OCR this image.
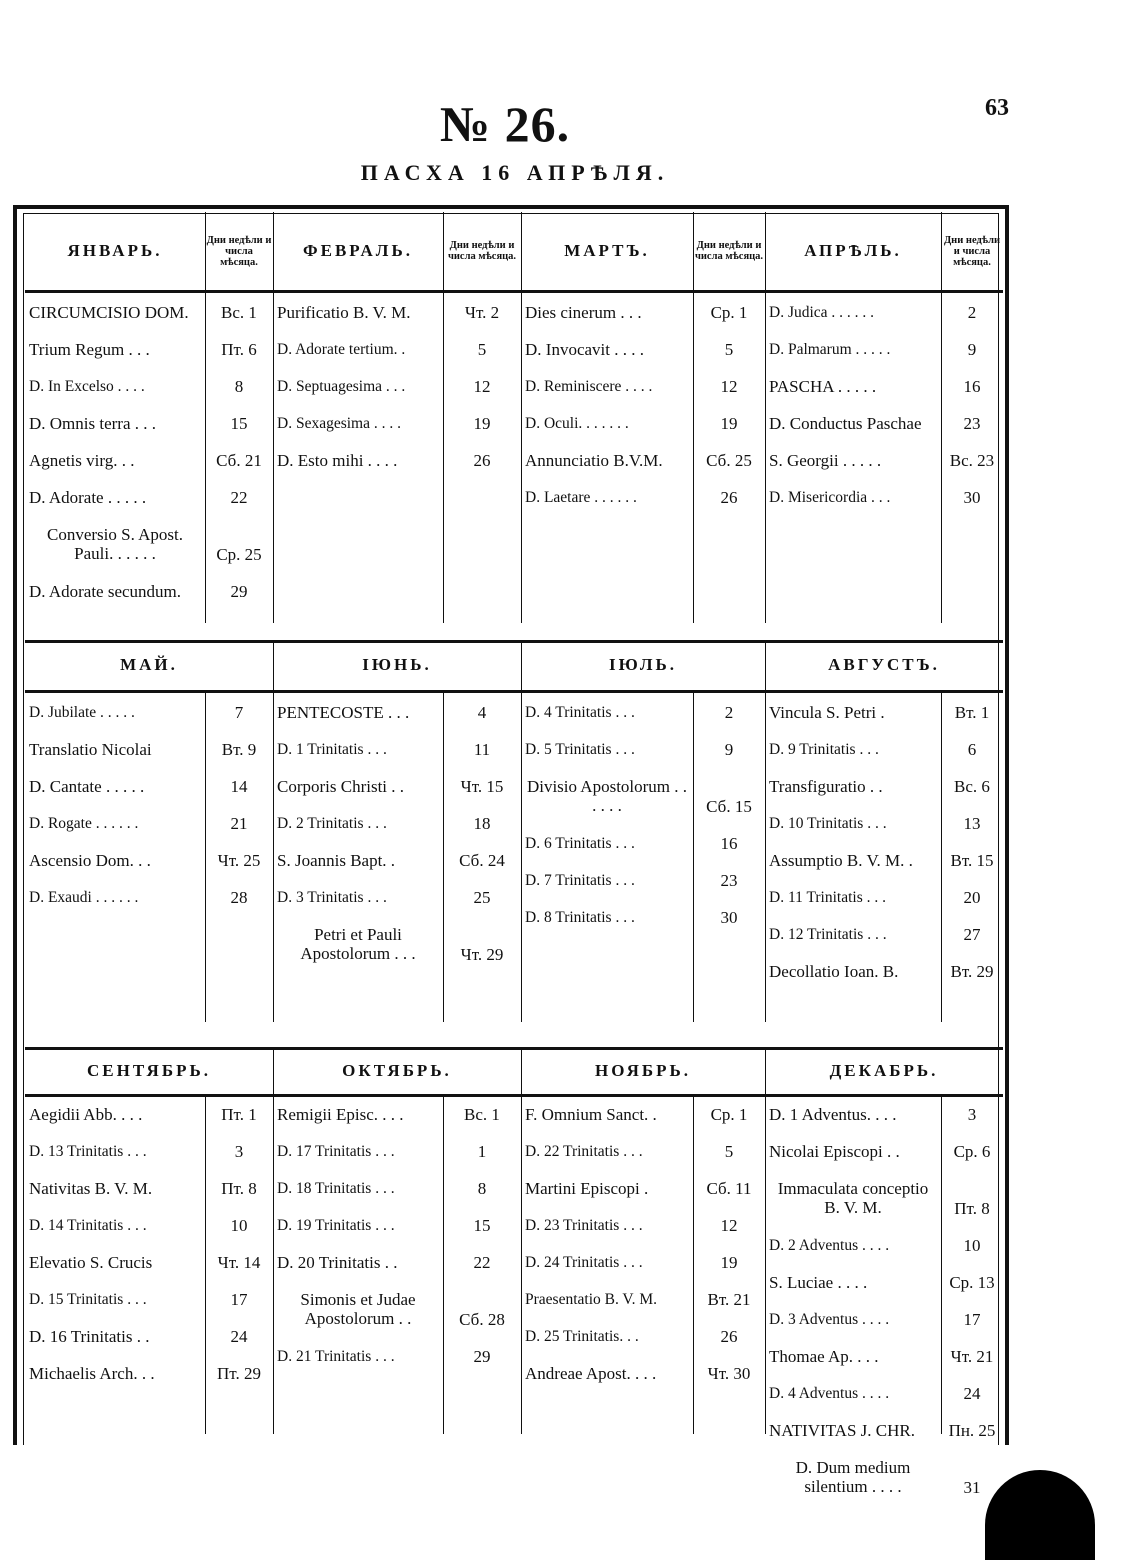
63
№ 26.
ПАСХА 16 АПРѢЛЯ.
ЯНВАРЬ.
Дни недѣли и числа мѣсяца.
CIRCUMCISIO DOM.	Вс. 1
Trium Regum . . .	Пт. 6
D. In Excelso . . . .	8
D. Omnis terra . . .	15
Agnetis virg. . .	Сб. 21
D. Adorate . . . . .	22
Conversio S. Apost. Pauli. . . . . .	Ср. 25
D. Adorate secundum.	29
ФЕВРАЛЬ.	Дни недѣли и числа мѣсяца.
Purificatio B. V. M.	Чт. 2
D. Adorate tertium. .	5
D. Septuagesima . . .	12
D. Sexagesima . . . .	19
D. Esto mihi . . . .	26
МАРТЪ.	Дни недѣли и числа мѣсяца.
Dies cinerum . . .	Ср. 1
D. Invocavit . . . .	5
D. Reminiscere . . . .	12
D. Oculi. . . . . . .	19
Annunciatio B.V.M.	Сб. 25
D. Laetare . . . . . .	26
АПРѢЛЬ.
Дни недѣли и числа мѣсяца.
D. Judica . . . . . .	2
D. Palmarum . . . . .	9
PASCHA . . . . .	16
D. Conductus Paschae	23
S. Georgii . . . . .	Вс. 23
D. Misericordia . . .	30
МАЙ.
D. Jubilate . . . . .	7
Translatio Nicolai	Вт. 9
D. Cantate . . . . .	14
D. Rogate . . . . . .	21
Ascensio Dom. . .	Чт. 25
D. Exaudi . . . . . .	28
ІЮНЬ.
PENTECOSTE . . .	4
D. 1 Trinitatis . . .	11
Corporis Christi . .	Чт. 15
D. 2 Trinitatis . . .	18
S. Joannis Bapt. .	Сб. 24
D. 3 Trinitatis . . .	25
Petri et Pauli Apostolorum . . .	Чт. 29
ІЮЛЬ.
D. 4 Trinitatis . . .	2
D. 5 Trinitatis . . .	9
Divisio Apostolorum . . . . . .	Сб. 15
D. 6 Trinitatis . . .	16
D. 7 Trinitatis . . .	23
D. 8 Trinitatis . . .	30
АВГУСТЪ.
Vincula S. Petri .	Вт. 1
D. 9 Trinitatis . . .	6
Transfiguratio . .	Вс. 6
D. 10 Trinitatis . . .	13
Assumptio B. V. M. .	Вт. 15
D. 11 Trinitatis . . .	20
D. 12 Trinitatis . . .	27
Decollatio Ioan. B.	Вт. 29
СЕНТЯБРЬ.
Aegidii Abb. . . .	Пт. 1
D. 13 Trinitatis . . .	3
Nativitas B. V. M.	Пт. 8
D. 14 Trinitatis . . .	10
Elevatio S. Crucis	Чт. 14
D. 15 Trinitatis . . .	17
D. 16 Trinitatis . .	24
Michaelis Arch. . .	Пт. 29
ОКТЯБРЬ.
Remigii Episc. . . .	Вс. 1
D. 17 Trinitatis . . .	1
D. 18 Trinitatis . . .	8
D. 19 Trinitatis . . .	15
D. 20 Trinitatis . .	22
Simonis et Judae Apostolorum . .	Сб. 28
D. 21 Trinitatis . . .	29
НОЯБРЬ.
F. Omnium Sanct. .	Ср. 1
D. 22 Trinitatis . . .	5
Martini Episcopi .	Сб. 11
D. 23 Trinitatis . . .	12
D. 24 Trinitatis . . .	19
Praesentatio B. V. M.	Вт. 21
D. 25 Trinitatis. . .	26
Andreae Apost. . . .	Чт. 30
ДЕКАБРЬ.
D. 1 Adventus. . . .	3
Nicolai Episcopi . .	Ср. 6
Immaculata conceptio B. V. M.	Пт. 8
D. 2 Adventus . . . .	10
S. Luciae . . . .	Ср. 13
D. 3 Adventus . . . .	17
Thomae Ap. . . .	Чт. 21
D. 4 Adventus . . . .	24
NATIVITAS J. CHR.	Пн. 25
D. Dum medium silentium . . . .	31
